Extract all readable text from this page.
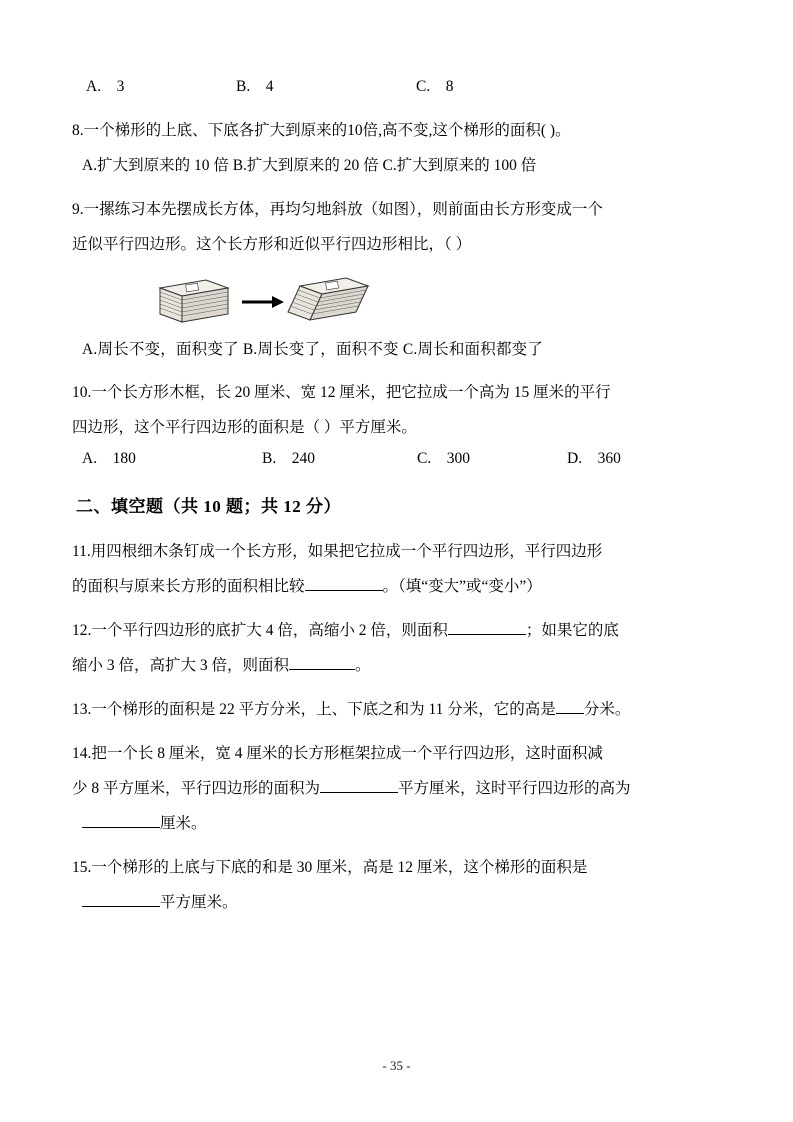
A. 3	B. 4	C. 8

8.一个梯形的上底、下底各扩大到原来的10倍,高不变,这个梯形的面积( )。

A.扩大到原来的 10 倍 B.扩大到原来的 20 倍 C.扩大到原来的 100 倍

9.一摞练习本先摆成长方体，再均匀地斜放（如图），则前面由长方形变成一个

近似平行四边形。这个长方形和近似平行四边形相比，（ ）

A.周长不变，面积变了 B.周长变了，面积不变 C.周长和面积都变了

10.一个长方形木框，长 20 厘米、宽 12 厘米，把它拉成一个高为 15 厘米的平行

四边形，这个平行四边形的面积是（ ）平方厘米。

A. 180	B. 240	C. 300	D. 360
二、填空题（共 10 题；共 12 分）

11.用四根细木条钉成一个长方形，如果把它拉成一个平行四边形，平行四边形

的面积与原来长方形的面积相比较	。（填“变大”或“变小”）

12.一个平行四边形的底扩大 4 倍，高缩小 2 倍，则面积	；如果它的底

缩小 3 倍，高扩大 3 倍，则面积	。

13.一个梯形的面积是 22 平方分米，上、下底之和为 11 分米，它的高是 分米。

14.把一个长 8 厘米，宽 4 厘米的长方形框架拉成一个平行四边形，这时面积减

少 8 平方厘米，平行四边形的面积为	平方厘米，这时平行四边形的高为

厘米。

15.一个梯形的上底与下底的和是 30 厘米，高是 12 厘米，这个梯形的面积是

平方厘米。

- 35 -
